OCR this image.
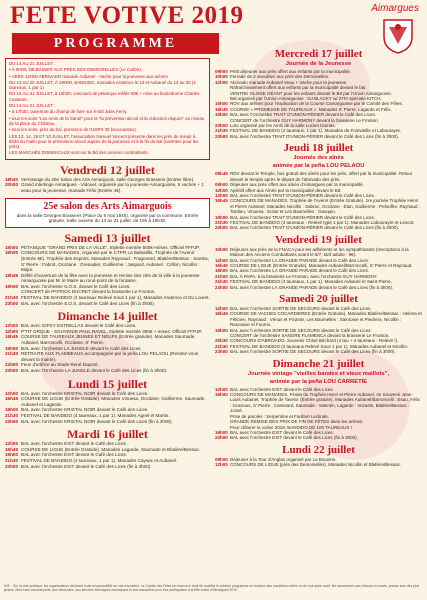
FETE VOTIVE 2019
PROGRAMME
Aimargues

DU 14 AU 21 JUILLET :

• À 9H00, DÉJEUNER AUX PRÈS DES DEMOISELLES (Le Caillar)

• VERS 12H00 ABRIVADO manade Aubanel - Vache pour la jeunesse aux arènes

DU 13 AU 20 JUILLET, À 19H00, BANDIDO, manades Aratenco le 13 et Aubanel du 14 au 20 (4 taureaux, 1 par 1).

DU 15 AU 21 JUILLET, à 15h00, concours de pétanque mêlée 80€ + mise au boulodrome Charles Castanet.

DU 14 AU 21 JUILLET :

• à 17h30, ouverture du champ de foire sur le Bd Jules Ferry.

• tous les soirs "Les Amis de la Santé" pour la "la prévention alcool et la réduction risques" au niveau de la place du Château,

• tous les soirs, près du bal, présence de l'UDPS 30 (secouristes).

LES 13, 14, 19 ET 20 JUILLET, l'association Samuel Vincent présente dans les prés de minuit à 6h30 du matin pour la prévention alcool auprès de la jeunesse et à la fin du bal (navettes pour les prés).

LES MARCHÉS DOMINICAUX sont sur le Bd des anciens combattants.

Vendredi 12 juillet
18h30 Vernissage du 25e Salon des Arts Aimarguois, salle Georges Brassens (Entrée libre).
20h00 Grand interlinge Aimargues - Vidouel, organisé par la jeunesse Aimarguoise, 5 vaches + 1 veau pour la jeunesse, manade Félix (Entrée 4€).
25e salon des Arts Aimarguois
dans la salle Georges Brassens (Place du 8 mai 1945), organisé par la commune. Entrée gratuite. Salle ouverte du 13 au 21 juillet, de 15h à 19h30.
Samedi 13 juillet
15h00 PÉTANQUE "GRAND PRIX DE LA VILLE", triplette mentée 500€+mises. Officiel FFPJP.
16h00 CONCOURS DE MANADES, organisé par le CTPR La Baleatilla, Trophée de l'Avenir (Entrée 8€). Trophée des Espoirs, Manades Raynaud : Fragonard, Blatière/Bessac : Samba, S' Pierre : Fabrot, Occitane : Grenadier, Guillierme : Jaspard, Aubanel : Crillon, Nicollin : Major.
18h45 Défilé d'ouverture de la fête avec la jeunesse et remise des clés de la ville à la jeunesse Aimarguoise par M. le Maire au rond-point de la fontaine.
19h00 BAL avec l'orchestre S.O.S. devant le Café des Lices.
CONCERT de PATRICK DUCRET devant la brasserie Le Fronton.
21h30 FESTIVAL DE BANDIDO (4 taureaux Relevé Sous 1 par 1), Manades Aratenco et Du Louret.
23h00 BAL avec l'orchestre S.O.S. devant le Café des Lices (fin à 3h00).
Dimanche 14 juillet
12h00 BAL avec GIPSY ESTRELLAS devant le Café des Lices.
12h00 P'TIT ORQUE - SOUVENIR PAUL RAVEL, triplette mentée 300€ + mises. Officiel FFPJP.
16h45 COURSE DE TAUREAUX JEUNES ET NEUFS (Entrée gratuite). Manades Saumade, Aubanel, Barroncelli, Occitane, S' Pierre.
19h00 BAL avec l'orchestre LA JUNGLE devant le Café des Lices.
21h30 RETRAITE AUX FLAMBEAUX accompagnée par la peña LOU PELAOU (Rendez-vous devant la mairie).
22h00 Feux d'artifice au Stade René Dupont.
23h00 BAL avec l'Orchestre LA JUNGLE devant le Café des Lices (fin à 3h00).
Lundi 15 juillet
12h00 BAL avec l'orchestre KRISTAL NOIR devant le Café des Lices.
16h45 COURSE DE LIGUE (Entrée Gratuite). Manades Vinuesa, Occitane, Guillierme, Saumade, Aubanel et Lagarde.
19h00 BAL avec l'orchestre KRISTAL NOIR devant le Café des Lices.
21h30 FESTIVAL DE BANDIDO (4 taureaux, 1 par 1). Manades Agnel et Martin.
23h00 BAL avec l'orchestre KRISTAL NOIR devant le Café des Lices (fin à 3h00).
Mardi 16 juillet
12h00 BAL avec l'orchestre EXIT devant le Café des Lices.
16h45 COURSE DE LIGUE (Entrée Gratuite). Manades Lagarde, Saumade et Blatière/Bessac.
19h00 BAL avec l'orchestre EXIT devant le Café des Lices.
21h30 FESTIVAL DE BANDIDO (4 taureaux, 1 par 1). Manades Caysac et Aubanel.
23h00 BAL avec l'orchestre EXIT devant le Café des Lices (fin à 3h00).
Mercredi 17 juillet
Journée de la Jeunesse
09h00 Petit déjeuner aux près offert aux enfants par la municipalité.
10h00 Ferrade de 2 anoubles aux près des Demoiselles.
12h00 Abrivado manade Aubanel Veau + Vache pour la jeunesse.
Rafraîchissement offert aux enfants par la municipalité devant le bar.
VENTRE GLISSE GÉANT pour les enfants devant le Bd par l'Union Aimarguoise.
Bal organisé par l'Union Aimarguoise : DJ BLACKY w/ ZITA spéciale KITCH.
15h00 ROV aux arènes pour l'explication de la Course Camarguaise par le Comité des Fêtes.
16h45 COURSE « PROMESSE DE TAUREAUX ». Manades S' Pierre, Lagarde et Félix.
19h00 BAL avec l'Orchestre TRAIT D'UNION-PÉRIER devant le Café des Lices.
CONCERT de l'orchestre GUY HARMONY devant la brasserie Le Fronton.
20h00 Loto organisé par les Amis de la salle Lucien Dumas.
21h30 FESTIVAL DE BANDIDO (4 taureaux, 1 par 1). Manades de Fontvieille et Labourayre.
23h00 BAL avec l'orchestre TRAIT D'UNION-PÉRIER devant le Café des Lices (fin à 3h00).
Jeudi 18 juillet
Journée des aînés
animée par la peña LOU PELAOU
08h45 RDV devant le Temple, bus gratuit des aînés pour les près, offert par la municipalité. Retour devant le temple après le départ de l'abrivado des près.
09h00 Déjeuner aux près offert aux aînés d'Aimargues par la municipalité.
12h00 Apéritif offert aux Aînés par la municipalité devant le Bd.
12h00 BAL avec l'orchestre TRAIT D'UNION-PÉRIER devant le Café des Lices.
16h45 CONCOURS DE MANADES, Trophée de l'Avenir (Entrée Gratuite). 1re journée Trophée Henri et Pierre Aubanel, Manades Nicollin : Sabran, Occitane : Élan, Guillierme : Pelouffre, Raynaud : Tardieu, Vinuesa : Eclair et Les Baumelles : Gasquin.
19h00 BAL avec l'orchestre TRAIT D'UNION-PÉRIER devant le Café des Lices.
21h30 FESTIVAL DE BANDIDO (4 taureaux - Relevé type 1 par 1). Manades Labourayre et Lescot.
23h00 BAL avec l'orchestre TRAIT D'UNION-PÉRIER devant le Café des Lices (fin à 3h00).
Vendredi 19 juillet
10h00 Déjeuner aux près de la FNACA pour les adhérents et les sympathisants (Inscriptions à la Maison des Anciens Combattants avant le 8/7, tarif adulte : 9€).
12h00 BAL avec l'orchestre LA GRANDE PARADE devant le Café des Lices.
16h45 COURSE DE LIGUE (Entrée Gratuite). Manades Aubanel/Barroncelli, S' Pierre et Raynaud.
19h00 BAL avec l'orchestre LA GRANDE PARADE devant le Café des Lices.
21h00 BAL À PAPA, à la brasserie Le Fronton, avec l'orchestre GUY HARMONY.
21h30 FESTIVAL DE BANDIDO (4 taureaux, 1 par 1). Manades Aubanel et Saint-Pierre.
23h00 BAL avec l'orchestre LA GRANDE PARADE devant le Café des Lices (fin à 3h00).
Samedi 20 juillet
12h00 BAL avec l'orchestre SORTIE DE SECOURS devant le Café des Lices.
16h45 COURSE DE VACHES COCARDIERES (Entrée Gratuite). Manades Blatière/Bessac : Helena et Félicien, Raynaud : Vénus et Picarde, Les Baumelles : Saintoise et Piedrera, Nicollin : Rascasse et Fourmi.
19h00 BAL avec l'orchestre SORTIE DE SECOURS devant le Café des Lices.
CONCERT de l'orchestre SANGRE FLAMENCA devant la brasserie Le Fronton.
20h30 CONCOURS D'ABRIVADO, Souvenir Chloé Béchard (4 tau + 4 taureaux - Relevé !).
21h30 FESTIVAL DE BANDIDO (4 taureaux Relevé Sous 1 par 1). Manades Aubanel et Nicollin.
23h00 BAL avec l'orchestre SORTIE DE SECOURS devant le Café des Lices (fin à 3h00).
Dimanche 21 juillet
Journée vintage "vieilles bandes et vieux maillots",
animée par la peña LOU CARRETIE
12h00 BAL avec l'orchestre EXIT devant le Café des Lices.
16h00 CONCOURS DE MANADES, Finale du Trophée Henri et Pierre Aubanel, 4e Souvenir Jean-Louis Aubanel, Trophée de l'avenir (Entrée gratuite). Manades Aubanel/Barroncelli : Esau, Félix : Gracious, S' Pierre : Camisard, Saumade : Valentin, Lagarde : Vezasts, Blatière/Bessac : Jossé.
Prise de paroles : Serpentine et Fanfare Leclinde.
GRANDE REMISE DES PRIX DE FIN DE FÊTES dans les arènes.
Pour clôturer la votive 2019, BANDIDO DE 100 TAUREAUX !
19h00 BAL avec l'orchestre EXIT devant le Café des Lices.
23h00 BAL avec l'orchestre EXIT devant le Café des Lices (fin à 3h00).
Lundi 22 juillet
09h00 Déjeuner à la Tour d'Anglas organisé par La Bouvine.
12h00 CONCOURS DE LIGUE (près des Demoiselles). Manades Nicollin et Blatière/Bessac.
N.B. : Sur la voie publique, les organisateurs déclinent toute responsabilité en cas d'accident. Le Comité des Fêtes se réserve le droit de modifier le présent programme en fonction des conditions météo ou de tout autre motif. Ne consommez pas d'alcool en excès, prenez soin des plus jeunes. Merci aux commerçants, aux bénévoles, aux services techniques municipaux et aux manadiers pour leur participation à la fête votive d'Aimargues 2019.
